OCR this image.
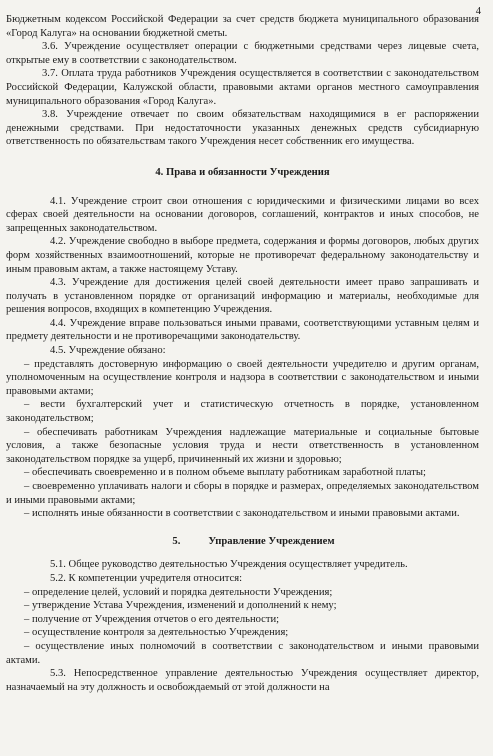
4

Бюджетным кодексом Российской Федерации за счет средств бюджета муниципального образования «Город Калуга» на основании бюджетной сметы.

3.6. Учреждение осуществляет операции с бюджетными средствами через лицевые счета, открытые ему в соответствии с законодательством.

3.7. Оплата труда работников Учреждения осуществляется в соответствии с законодательством Российской Федерации, Калужской области, правовыми актами органов местного самоуправления муниципального образования «Город Калуга».

3.8. Учреждение отвечает по своим обязательствам находящимися в ег распоряжении денежными средствами. При недостаточности указанных денежных средств субсидиарную ответственность по обязательствам такого Учреждения несет собственник его имущества.

4. Права и обязанности Учреждения

4.1. Учреждение строит свои отношения с юридическими и физическими лицами во всех сферах своей деятельности на основании договоров, соглашений, контрактов и иных способов, не запрещенных законодательством.

4.2. Учреждение свободно в выборе предмета, содержания и формы договоров, любых других форм хозяйственных взаимоотношений, которые не противоречат федеральному законодательству и иным правовым актам, а также настоящему Уставу.

4.3. Учреждение для достижения целей своей деятельности имеет право запрашивать и получать в установленном порядке от организаций информацию и материалы, необходимые для решения вопросов, входящих в компетенцию Учреждения.

4.4. Учреждение вправе пользоваться иными правами, соответствующими уставным целям и предмету деятельности и не противоречащими законодательству.

4.5. Учреждение обязано:

– представлять достоверную информацию о своей деятельности учредителю и другим органам, уполномоченным на осуществление контроля и надзора в соответствии с законодательством и иными правовыми актами;

– вести бухгалтерский учет и статистическую отчетность в порядке, установленном законодательством;

– обеспечивать работникам Учреждения надлежащие материальные и социальные бытовые условия, а также безопасные условия труда и нести ответственность в установленном законодательством порядке за ущерб, причиненный их жизни и здоровью;

– обеспечивать своевременно и в полном объеме выплату работникам заработной платы;

– своевременно уплачивать налоги и сборы в порядке и размерах, определяемых законодательством и иными правовыми актами;

– исполнять иные обязанности в соответствии с законодательством и иными правовыми актами.

5.	Управление Учреждением

5.1. Общее руководство деятельностью Учреждения осуществляет учредитель.

5.2. К компетенции учредителя относится:

– определение целей, условий и порядка деятельности Учреждения;

– утверждение Устава Учреждения, изменений и дополнений к нему;

– получение от Учреждения отчетов о его деятельности;

– осуществление контроля за деятельностью Учреждения;

– осуществление иных полномочий в соответствии с законодательством и иными правовыми актами.

5.3. Непосредственное управление деятельностью Учреждения осуществляет директор, назначаемый на эту должность и освобождаемый от этой должности на
